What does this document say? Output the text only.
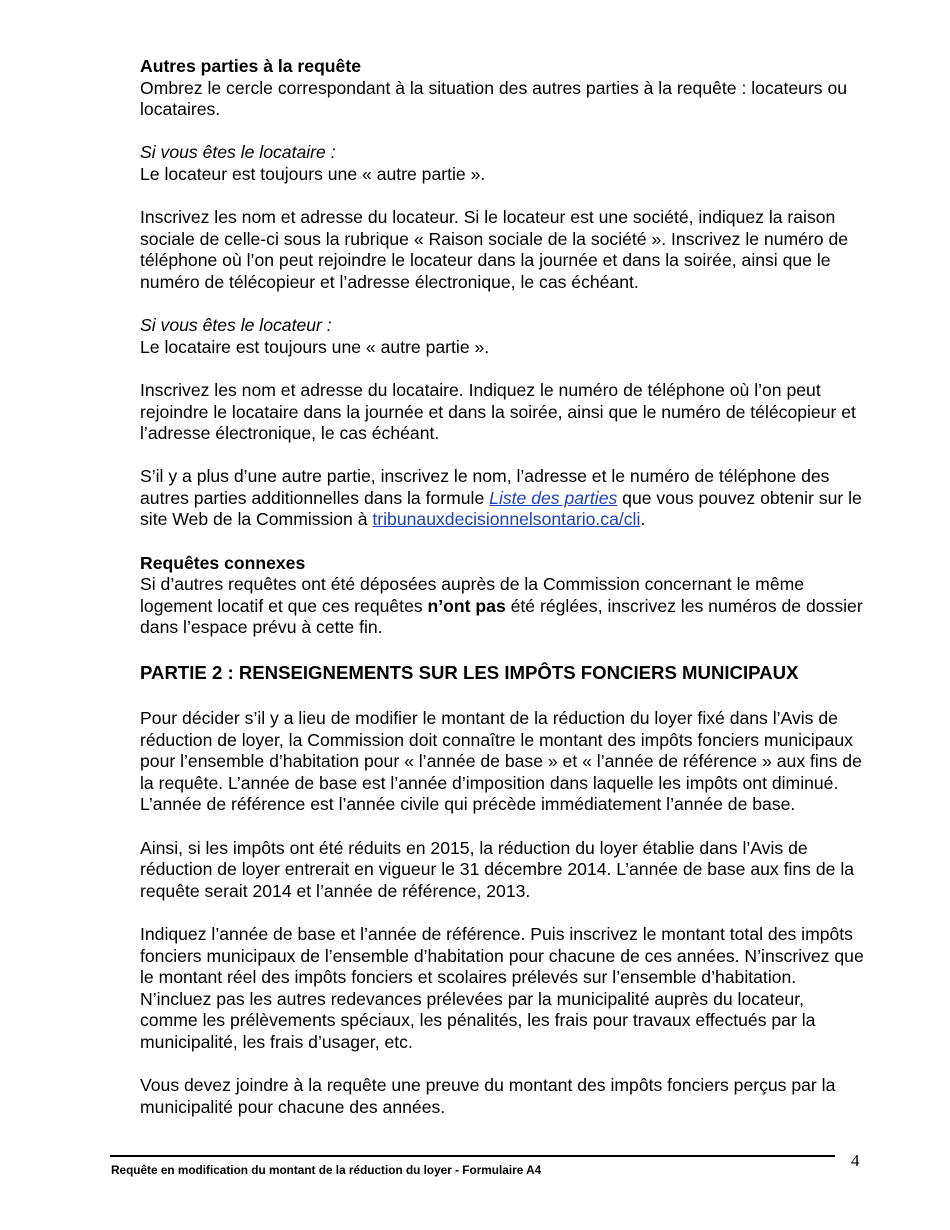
Autres parties à la requête

Ombrez le cercle correspondant à la situation des autres parties à la requête : locateurs ou locataires.

Si vous êtes le locataire :

Le locateur est toujours une « autre partie ».

Inscrivez les nom et adresse du locateur. Si le locateur est une société, indiquez la raison sociale de celle-ci sous la rubrique « Raison sociale de la société ». Inscrivez le numéro de téléphone où l’on peut rejoindre le locateur dans la journée et dans la soirée, ainsi que le numéro de télécopieur et l’adresse électronique, le cas échéant.

Si vous êtes le locateur :

Le locataire est toujours une « autre partie ».

Inscrivez les nom et adresse du locataire. Indiquez le numéro de téléphone où l’on peut rejoindre le locataire dans la journée et dans la soirée, ainsi que le numéro de télécopieur et l’adresse électronique, le cas échéant.

S’il y a plus d’une autre partie, inscrivez le nom, l’adresse et le numéro de téléphone des autres parties additionnelles dans la formule Liste des parties que vous pouvez obtenir sur le site Web de la Commission à tribunauxdecisionnelsontario.ca/cli.

Requêtes connexes

Si d’autres requêtes ont été déposées auprès de la Commission concernant le même logement locatif et que ces requêtes n’ont pas été réglées, inscrivez les numéros de dossier dans l’espace prévu à cette fin.

PARTIE 2 : RENSEIGNEMENTS SUR LES IMPÔTS FONCIERS MUNICIPAUX

Pour décider s’il y a lieu de modifier le montant de la réduction du loyer fixé dans l’Avis de réduction de loyer, la Commission doit connaître le montant des impôts fonciers municipaux pour l’ensemble d’habitation pour « l’année de base » et « l’année de référence » aux fins de la requête. L’année de base est l’année d’imposition dans laquelle les impôts ont diminué. L’année de référence est l’année civile qui précède immédiatement l’année de base.

Ainsi, si les impôts ont été réduits en 2015, la réduction du loyer établie dans l’Avis de réduction de loyer entrerait en vigueur le 31 décembre 2014. L’année de base aux fins de la requête serait 2014 et l’année de référence, 2013.

Indiquez l’année de base et l’année de référence. Puis inscrivez le montant total des impôts fonciers municipaux de l’ensemble d’habitation pour chacune de ces années. N’inscrivez que le montant réel des impôts fonciers et scolaires prélevés sur l’ensemble d’habitation. N’incluez pas les autres redevances prélevées par la municipalité auprès du locateur, comme les prélèvements spéciaux, les pénalités, les frais pour travaux effectués par la municipalité, les frais d’usager, etc.

Vous devez joindre à la requête une preuve du montant des impôts fonciers perçus par la municipalité pour chacune des années.

Requête en modification du montant de la réduction du loyer - Formulaire A4	4
